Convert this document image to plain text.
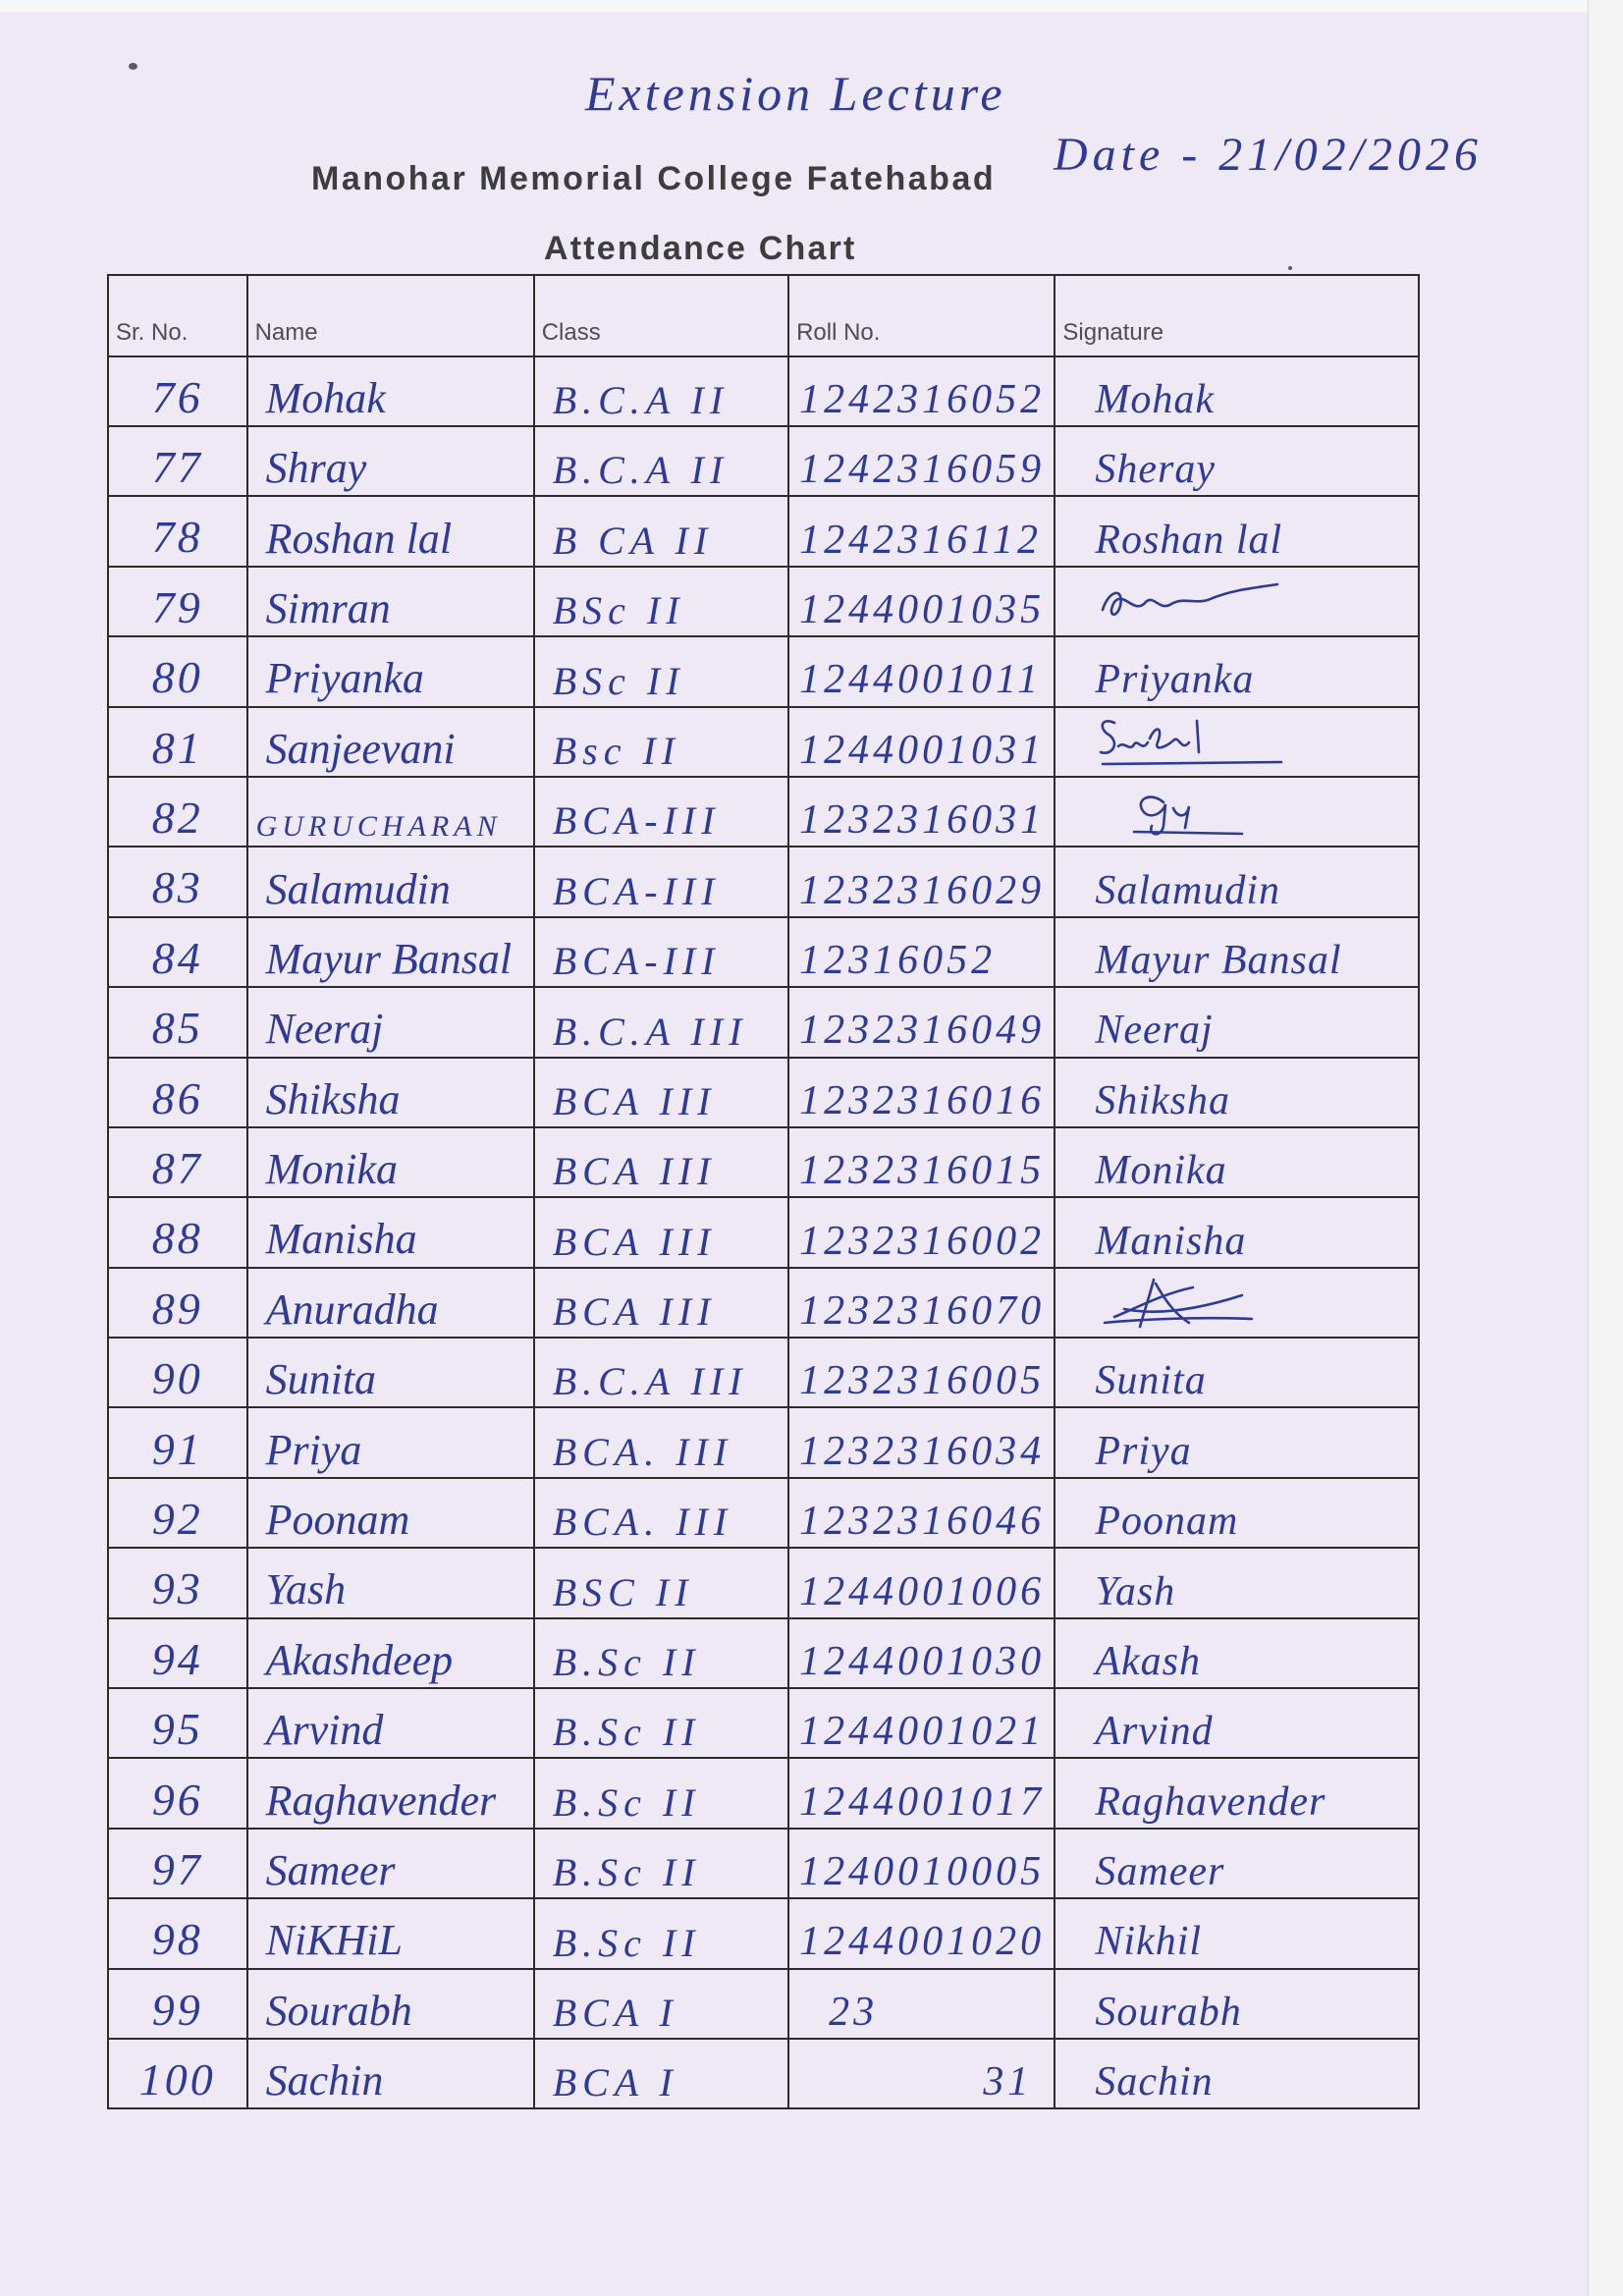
Extension Lecture
Manohar Memorial College Fatehabad Date - 21/02/2026
Attendance Chart
Sr. No.	Name	Class	Roll No.	Signature
76	Mohak	B.C.A II	1242316052	Mohak
77	Shray	B.C.A II	1242316059	Sheray
78	Roshan lal	B CA II	1242316112	Roshan lal
79	Simran	BSc II	1244001035	
80	Priyanka	BSc II	1244001011	Priyanka
81	Sanjeevani	Bsc II	1244001031	
82	GURUCHARAN	BCA-III	1232316031	
83	Salamudin	BCA-III	1232316029	Salamudin
84	Mayur Bansal	BCA-III	12316052	Mayur Bansal
85	Neeraj	B.C.A III	1232316049	Neeraj
86	Shiksha	BCA III	1232316016	Shiksha
87	Monika	BCA III	1232316015	Monika
88	Manisha	BCA III	1232316002	Manisha
89	Anuradha	BCA III	1232316070	
90	Sunita	B.C.A III	1232316005	Sunita
91	Priya	BCA. III	1232316034	Priya
92	Poonam	BCA. III	1232316046	Poonam
93	Yash	BSC II	1244001006	Yash
94	Akashdeep	B.Sc II	1244001030	Akash
95	Arvind	B.Sc II	1244001021	Arvind
96	Raghavender	B.Sc II	1244001017	Raghavender
97	Sameer	B.Sc II	1240010005	Sameer
98	NiKHiL	B.Sc II	1244001020	Nikhil
99	Sourabh	BCA I	23	Sourabh
100	Sachin	BCA I	31	Sachin
